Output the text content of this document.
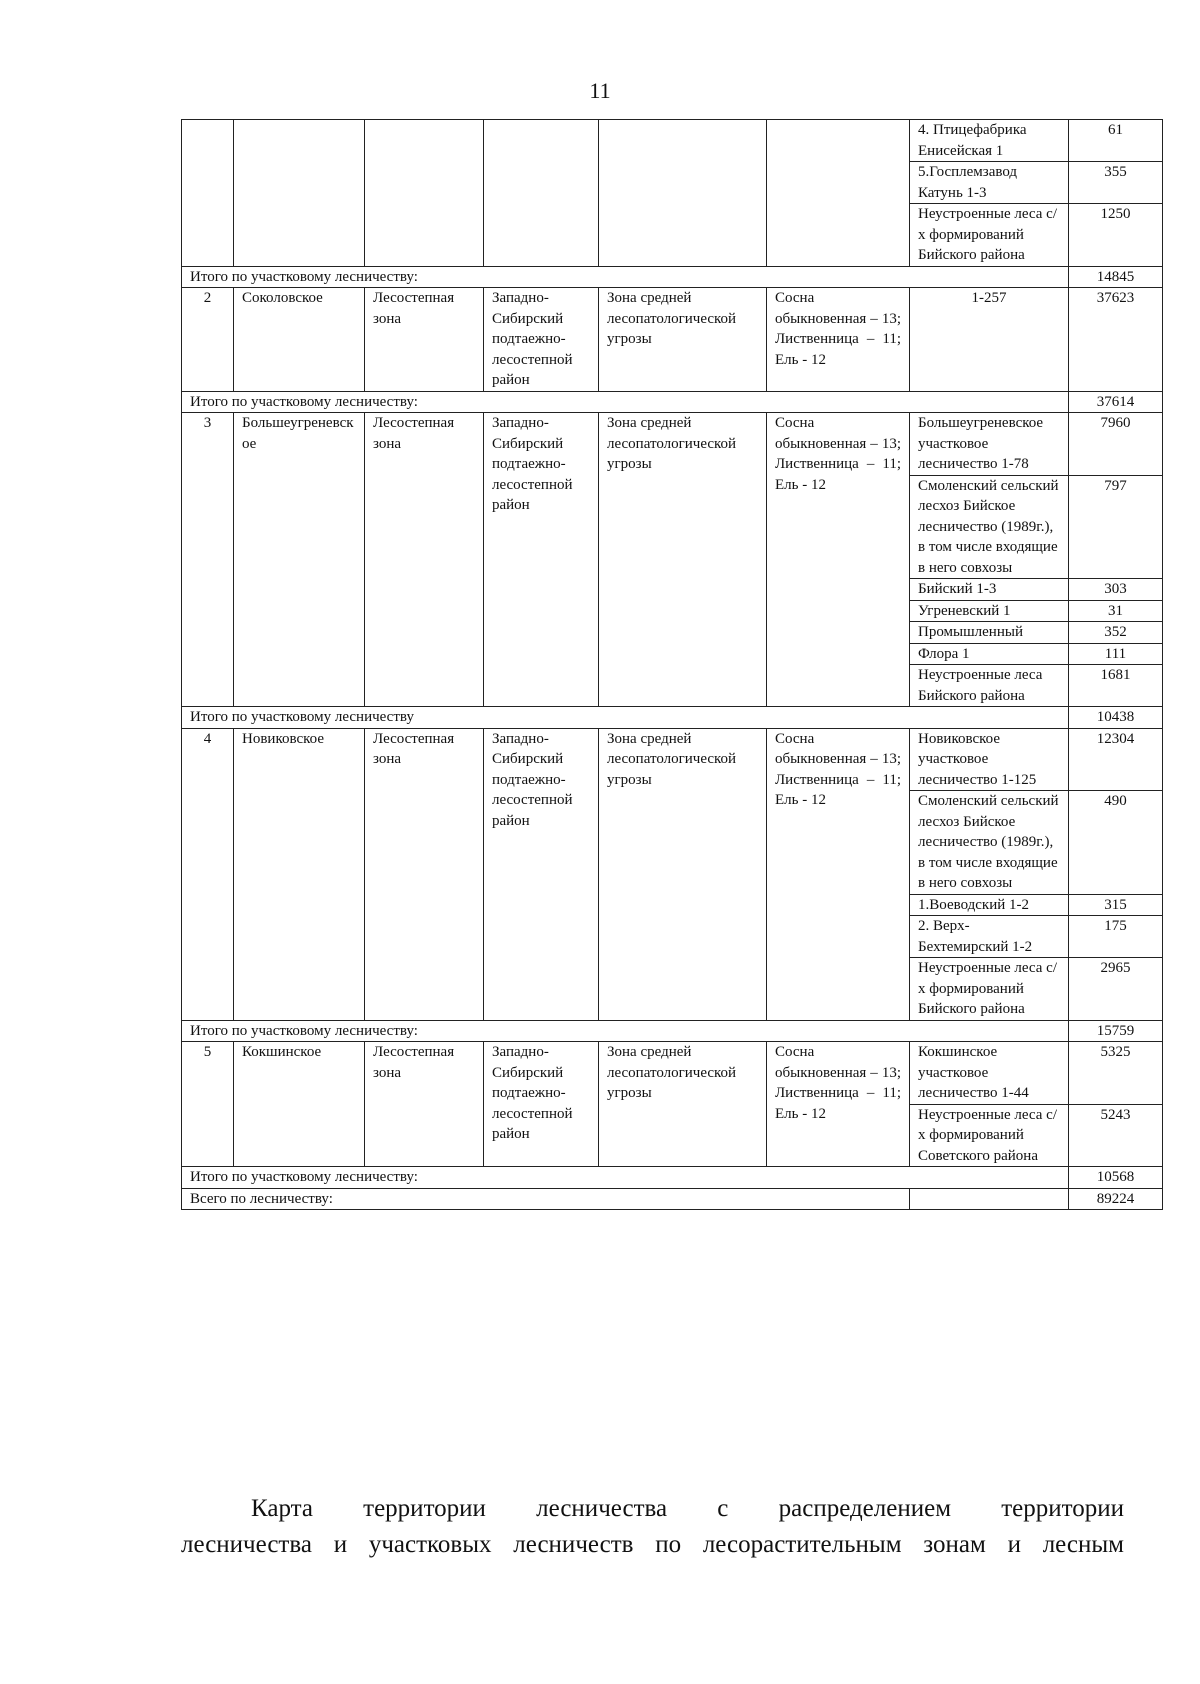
11
						4. Птицефабрика Енисейская 1	61
						5.Госплемзавод Катунь 1-3	355
						Неустроенные леса с/х формирований Бийского района	1250
Итого по участковому лесничеству:							14845
2	Соколовское	Лесостепная зона	Западно-Сибирский подтаежно-лесостепной район	Зона средней лесопатологической угрозы	Сосна обыкновенная – 13; Лиственница – 11; Ель - 12	1-257	37623
Итого по участковому лесничеству:							37614
3	Большеугреневское	Лесостепная зона	Западно-Сибирский подтаежно-лесостепной район	Зона средней лесопатологической угрозы	Сосна обыкновенная – 13; Лиственница – 11; Ель - 12	Большеугреневское участковое лесничество 1-78	7960
						Смоленский сельский лесхоз Бийское лесничество (1989г.), в том числе входящие в него совхозы	797
						Бийский 1-3	303
						Угреневский 1	31
						Промышленный	352
						Флора 1	111
						Неустроенные леса Бийского района	1681
Итого по участковому лесничеству							10438
4	Новиковское	Лесостепная зона	Западно-Сибирский подтаежно-лесостепной район	Зона средней лесопатологической угрозы	Сосна обыкновенная – 13; Лиственница – 11; Ель - 12	Новиковское участковое лесничество 1-125	12304
						Смоленский сельский лесхоз Бийское лесничество (1989г.), в том числе входящие в него совхозы	490
						1.Воеводский 1-2	315
						2. Верх-Бехтемирский 1-2	175
						Неустроенные леса с/х формирований Бийского района	2965
Итого по участковому лесничеству:							15759
5	Кокшинское	Лесостепная зона	Западно-Сибирский подтаежно-лесостепной район	Зона средней лесопатологической угрозы	Сосна обыкновенная – 13; Лиственница – 11; Ель - 12	Кокшинское участковое лесничество 1-44	5325
						Неустроенные леса с/х формирований Советского района	5243
Итого по участковому лесничеству:							10568
Всего по лесничеству:							89224
Карта территории лесничества с распределением территории
лесничества и участковых лесничеств по лесорастительным зонам и лесным
